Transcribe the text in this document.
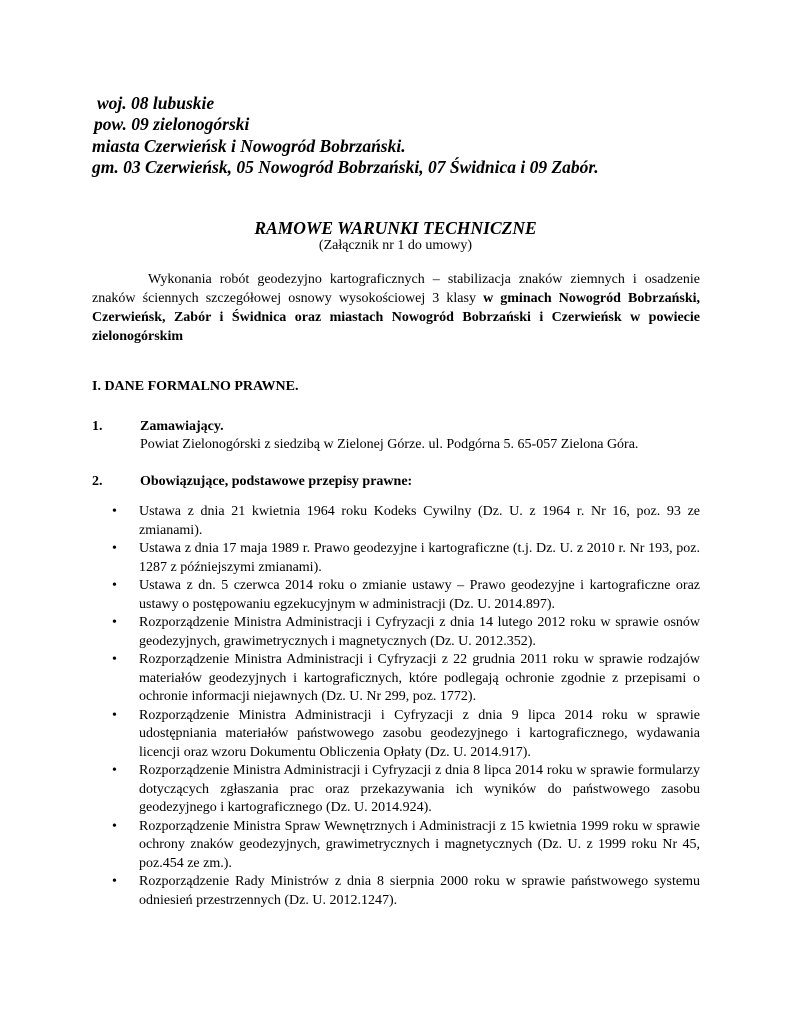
woj. 08 lubuskie
pow. 09 zielonogórski
miasta Czerwieńsk i Nowogród Bobrzański.
gm. 03 Czerwieńsk, 05 Nowogród Bobrzański, 07 Świdnica i 09 Zabór.
RAMOWE WARUNKI TECHNICZNE
(Załącznik nr 1 do umowy)

Wykonania robót geodezyjno kartograficznych – stabilizacja znaków ziemnych i osadzenie znaków ściennych szczegółowej osnowy wysokościowej 3 klasy w gminach Nowogród Bobrzański, Czerwieńsk, Zabór i Świdnica oraz miastach Nowogród Bobrzański i Czerwieńsk w powiecie zielonogórskim

I. DANE FORMALNO PRAWNE.
1.	Zamawiający.
Powiat Zielonogórski z siedzibą w Zielonej Górze. ul. Podgórna 5. 65-057 Zielona Góra.
2.	Obowiązujące, podstawowe przepisy prawne:
• Ustawa z dnia 21 kwietnia 1964 roku Kodeks Cywilny (Dz. U. z 1964 r. Nr 16, poz. 93 ze zmianami).
• Ustawa z dnia 17 maja 1989 r. Prawo geodezyjne i kartograficzne (t.j. Dz. U. z 2010 r. Nr 193, poz. 1287 z późniejszymi zmianami).
• Ustawa z dn. 5 czerwca 2014 roku o zmianie ustawy – Prawo geodezyjne i kartograficzne oraz ustawy o postępowaniu egzekucyjnym w administracji (Dz. U. 2014.897).
• Rozporządzenie Ministra Administracji i Cyfryzacji z dnia 14 lutego 2012 roku w sprawie osnów geodezyjnych, grawimetrycznych i magnetycznych (Dz. U. 2012.352).
• Rozporządzenie Ministra Administracji i Cyfryzacji z 22 grudnia 2011 roku w sprawie rodzajów materiałów geodezyjnych i kartograficznych, które podlegają ochronie zgodnie z przepisami o ochronie informacji niejawnych (Dz. U. Nr 299, poz. 1772).
• Rozporządzenie Ministra Administracji i Cyfryzacji z dnia 9 lipca 2014 roku w sprawie udostępniania materiałów państwowego zasobu geodezyjnego i kartograficznego, wydawania licencji oraz wzoru Dokumentu Obliczenia Opłaty (Dz. U. 2014.917).
• Rozporządzenie Ministra Administracji i Cyfryzacji z dnia 8 lipca 2014 roku w sprawie formularzy dotyczących zgłaszania prac oraz przekazywania ich wyników do państwowego zasobu geodezyjnego i kartograficznego (Dz. U. 2014.924).
• Rozporządzenie Ministra Spraw Wewnętrznych i Administracji z 15 kwietnia 1999 roku w sprawie ochrony znaków geodezyjnych, grawimetrycznych i magnetycznych (Dz. U. z 1999 roku Nr 45, poz.454 ze zm.).
• Rozporządzenie Rady Ministrów z dnia 8 sierpnia 2000 roku w sprawie państwowego systemu odniesień przestrzennych (Dz. U. 2012.1247).
